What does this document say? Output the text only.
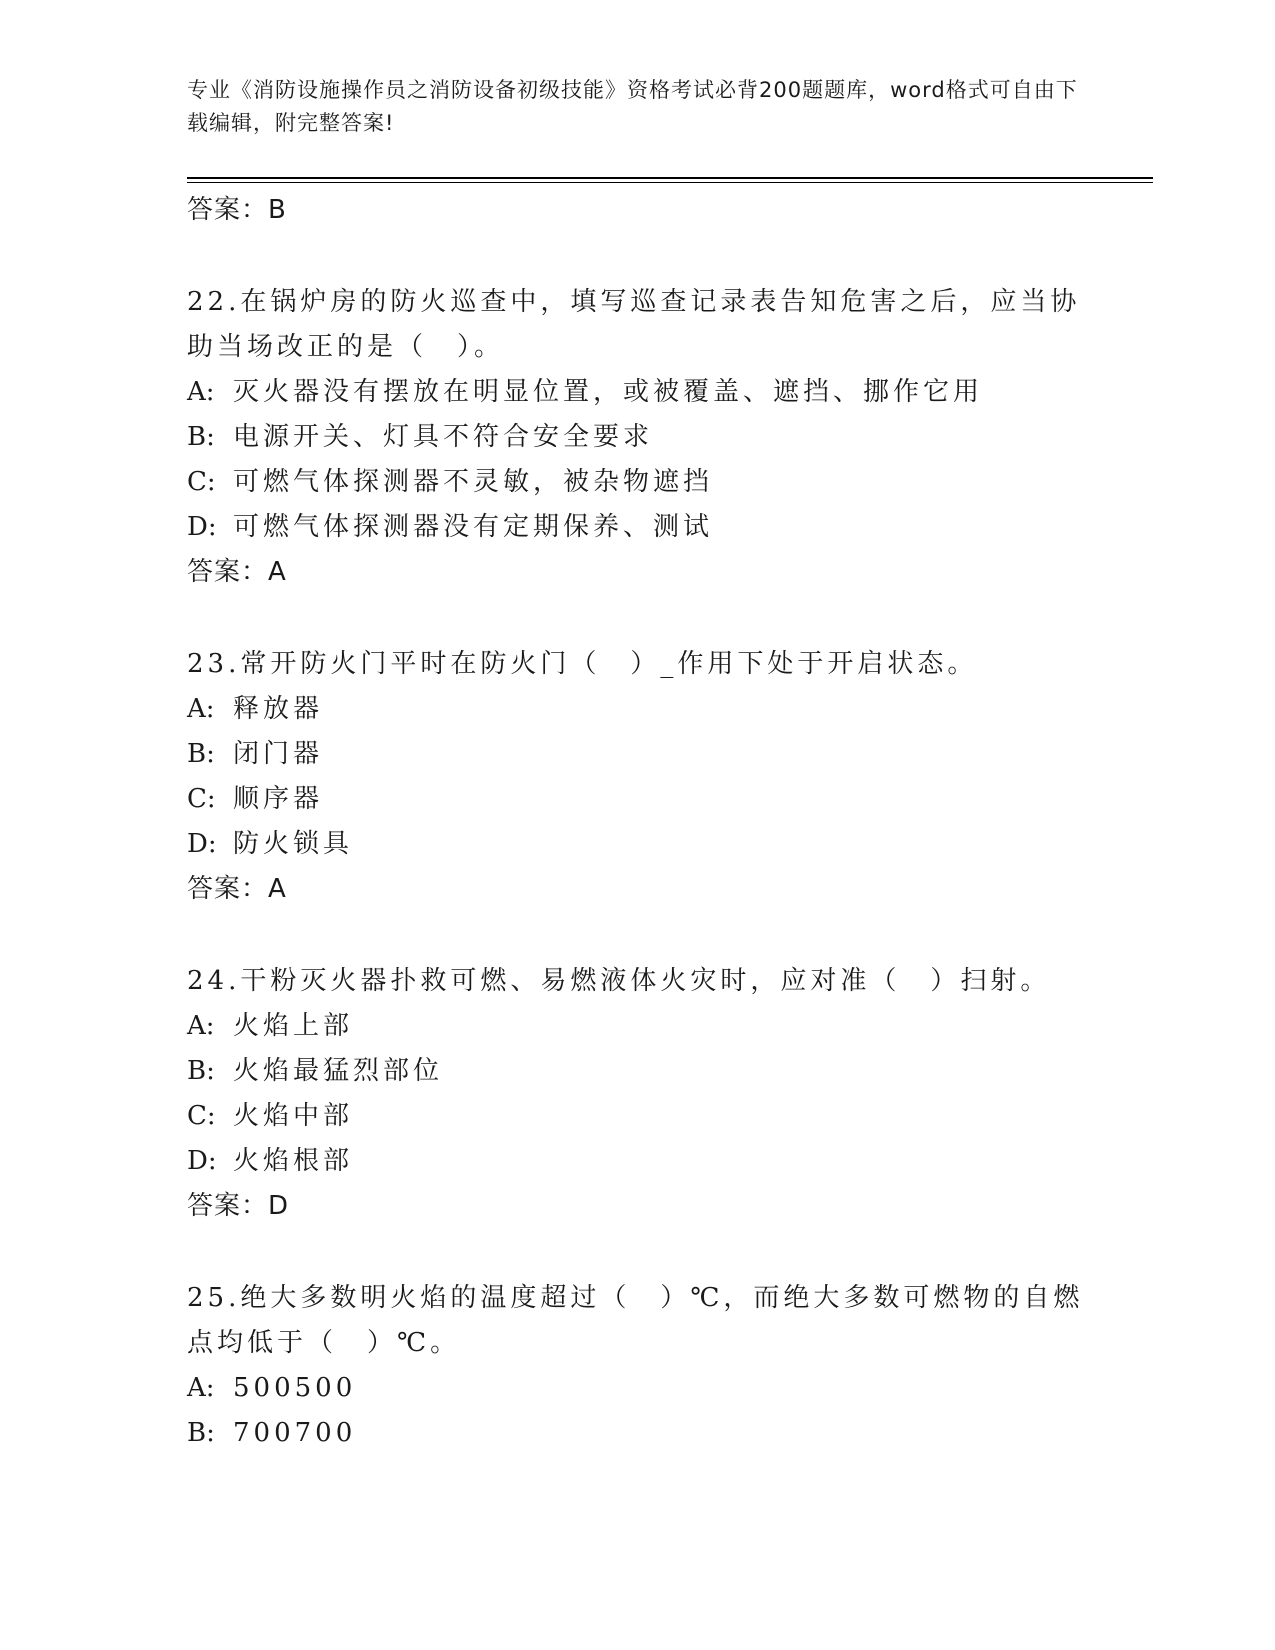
专业《消防设施操作员之消防设备初级技能》资格考试必背200题题库，word格式可自由下载编辑，附完整答案!

答案：B

22.在锅炉房的防火巡查中，填写巡查记录表告知危害之后，应当协助当场改正的是（　）。

A: 灭火器没有摆放在明显位置，或被覆盖、遮挡、挪作它用

B: 电源开关、灯具不符合安全要求

C: 可燃气体探测器不灵敏，被杂物遮挡

D: 可燃气体探测器没有定期保养、测试

答案：A

23.常开防火门平时在防火门（　）_作用下处于开启状态。

A: 释放器

B: 闭门器

C: 顺序器

D: 防火锁具

答案：A

24.干粉灭火器扑救可燃、易燃液体火灾时，应对准（　）扫射。

A: 火焰上部

B: 火焰最猛烈部位

C: 火焰中部

D: 火焰根部

答案：D

25.绝大多数明火焰的温度超过（　）℃，而绝大多数可燃物的自燃点均低于（　）℃。

A: 500500

B: 700700
